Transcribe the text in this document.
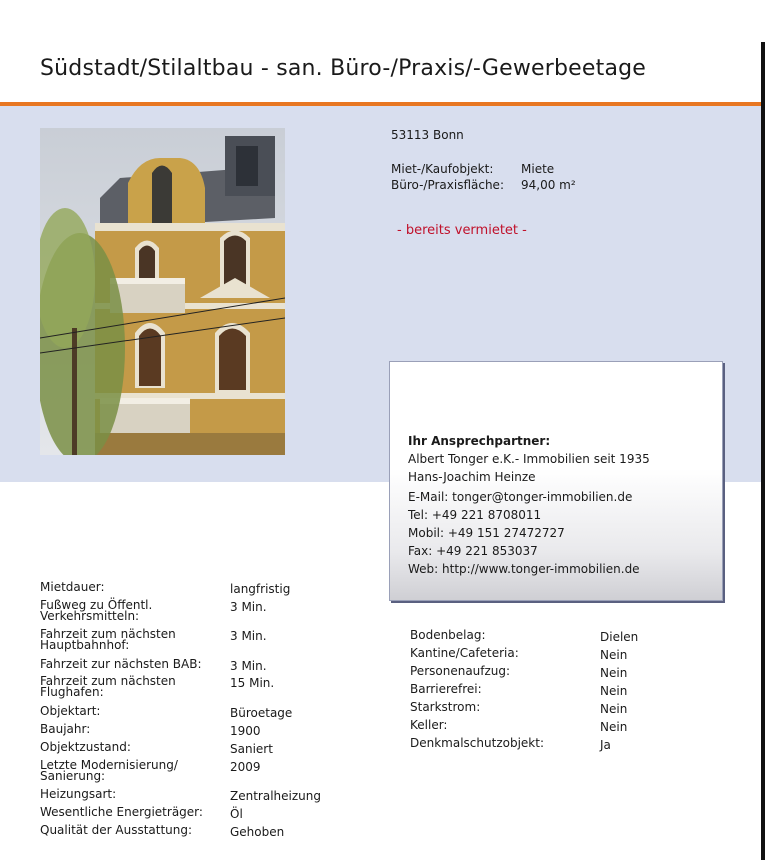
Südstadt/Stilaltbau - san. Büro-/Praxis/-Gewerbeetage
53113 Bonn
Miet-/Kaufobjekt: Miete
Büro-/Praxisfläche: 94,00 m²
- bereits vermietet -
Ihr Ansprechpartner:
Albert Tonger e.K.- Immobilien seit 1935
Hans-Joachim Heinze
E-Mail: tonger@tonger-immobilien.de
Tel: +49 221 8708011
Mobil: +49 151 27472727
Fax: +49 221 853037
Web: http://www.tonger-immobilien.de
Mietdauer:	langfristig
Fußweg zu Öffentl.
Verkehrsmitteln:
3 Min.
Fahrzeit zum nächsten
Hauptbahnhof:
3 Min.
Fahrzeit zur nächsten BAB:	3 Min.
Fahrzeit zum nächsten
Flughafen:
15 Min.
Objektart:	Büroetage
Baujahr:	1900
Objektzustand:	Saniert
Letzte Modernisierung/
Sanierung:
2009
Heizungsart:	Zentralheizung
Wesentliche Energieträger:	Öl
Qualität der Ausstattung:	Gehoben
Bodenbelag:	Dielen
Kantine/Cafeteria:	Nein
Personenaufzug:	Nein
Barrierefrei:	Nein
Starkstrom:	Nein
Keller:	Nein
Denkmalschutzobjekt:	Ja
